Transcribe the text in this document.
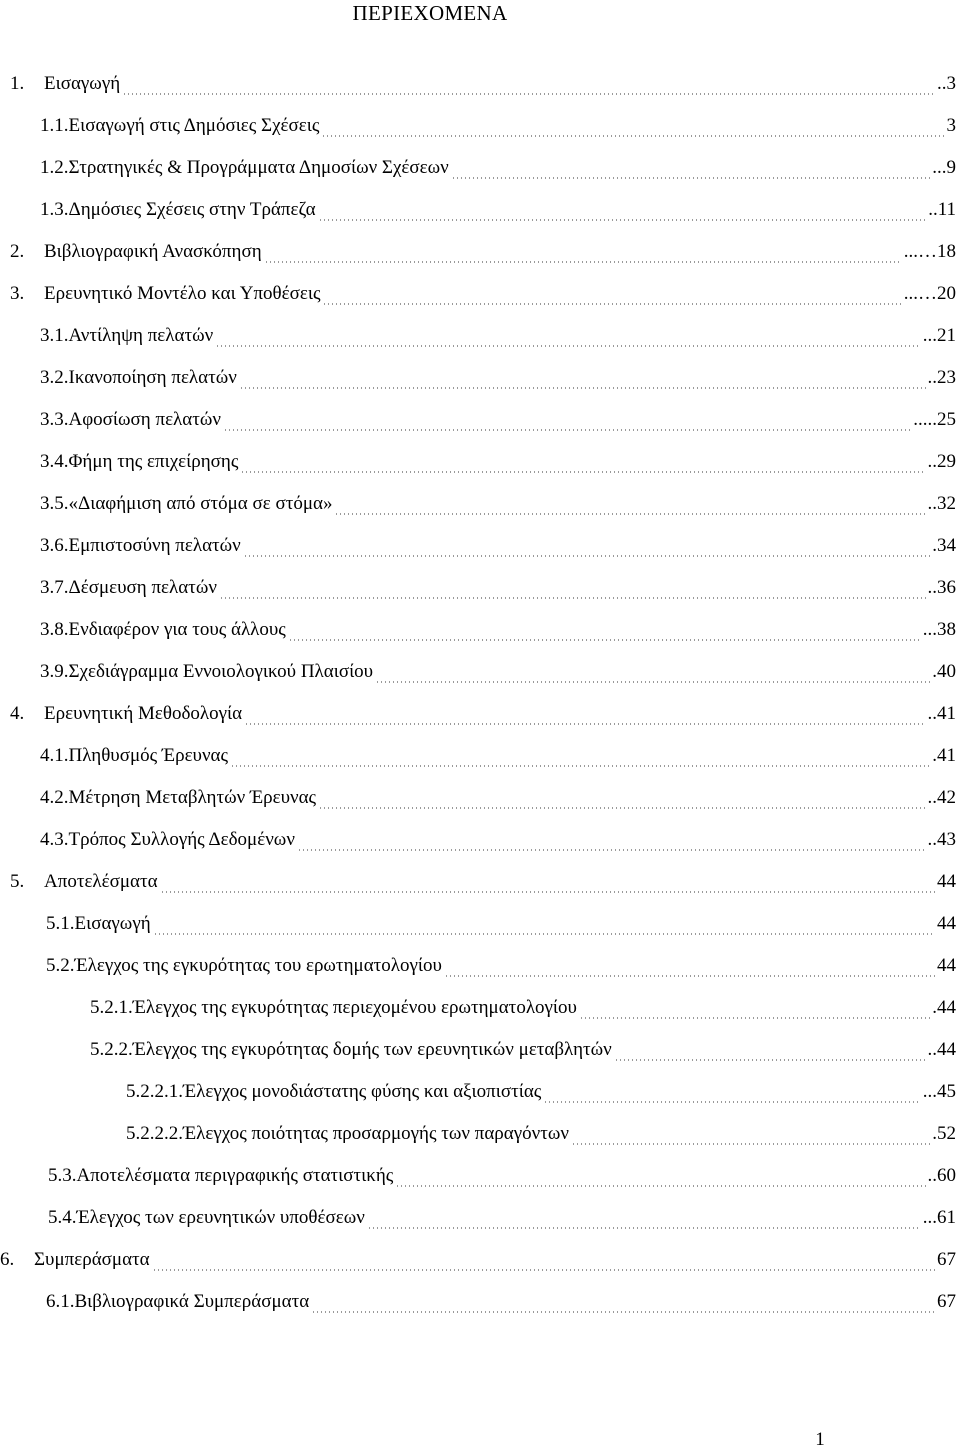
ΠΕΡΙΕΧΟΜΕΝΑ
1. Εισαγωγή	..3
1.1.Εισαγωγή στις Δημόσιες Σχέσεις	3
1.2.Στρατηγικές & Προγράμματα Δημοσίων Σχέσεων	...9
1.3.Δημόσιες Σχέσεις στην Τράπεζα	..11
2. Βιβλιογραφική Ανασκόπηση	...…18
3. Ερευνητικό Μοντέλο και Υποθέσεις	...…20
3.1.Αντίληψη πελατών	...21
3.2.Ικανοποίηση πελατών	..23
3.3.Αφοσίωση πελατών	.....25
3.4.Φήμη της επιχείρησης	..29
3.5.«Διαφήμιση από στόμα σε στόμα»	..32
3.6.Εμπιστοσύνη πελατών	.34
3.7.Δέσμευση πελατών	..36
3.8.Ενδιαφέρον για τους άλλους	...38
3.9.Σχεδιάγραμμα Εννοιολογικού Πλαισίου	.40
4. Ερευνητική Μεθοδολογία	..41
4.1.Πληθυσμός Έρευνας	.41
4.2.Μέτρηση Μεταβλητών Έρευνας	..42
4.3.Τρόπος Συλλογής Δεδομένων	..43
5. Αποτελέσματα	44
5.1.Εισαγωγή	44
5.2.Έλεγχος της εγκυρότητας του ερωτηματολογίου	44
5.2.1.Έλεγχος της εγκυρότητας περιεχομένου ερωτηματολογίου	.44
5.2.2.Έλεγχος της εγκυρότητας δομής των ερευνητικών μεταβλητών	..44
5.2.2.1.Έλεγχος μονοδιάστατης φύσης και αξιοπιστίας	...45
5.2.2.2.Έλεγχος ποιότητας προσαρμογής των παραγόντων	.52
5.3.Αποτελέσματα περιγραφικής στατιστικής	..60
5.4.Έλεγχος των ερευνητικών υποθέσεων	...61
6. Συμπεράσματα	67
6.1.Βιβλιογραφικά Συμπεράσματα	67
1
